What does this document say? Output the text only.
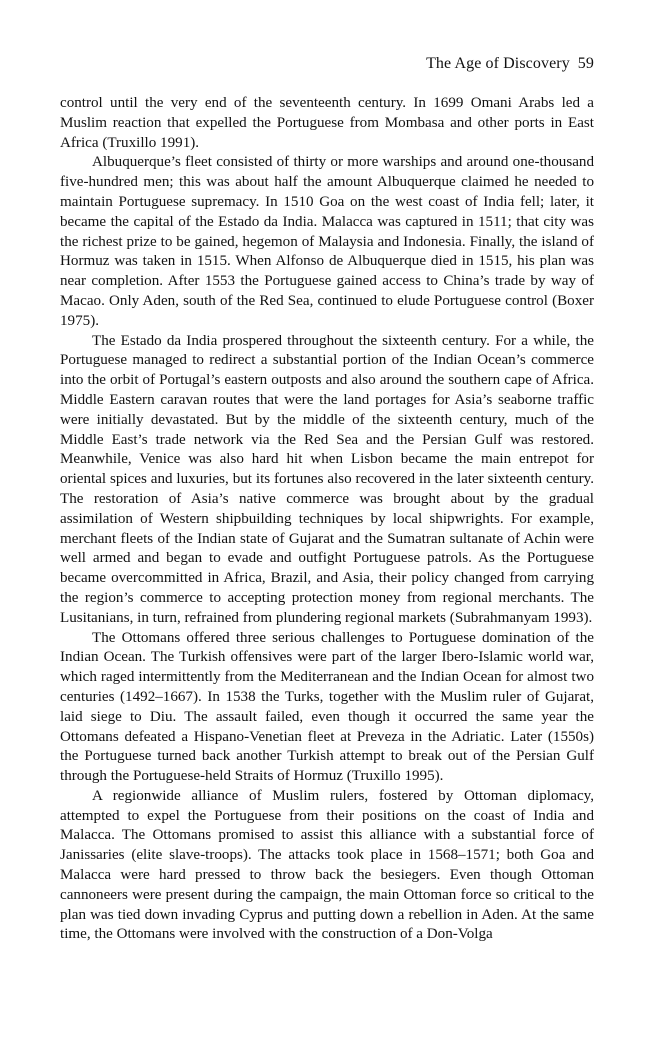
The Age of Discovery 59

control until the very end of the seventeenth century. In 1699 Omani Arabs led a Muslim reaction that expelled the Portuguese from Mombasa and other ports in East Africa (Truxillo 1991).

Albuquerque’s fleet consisted of thirty or more warships and around one-thousand five-hundred men; this was about half the amount Albuquerque claimed he needed to maintain Portuguese supremacy. In 1510 Goa on the west coast of India fell; later, it became the capital of the Estado da India. Malacca was captured in 1511; that city was the richest prize to be gained, hegemon of Malaysia and Indonesia. Finally, the island of Hormuz was taken in 1515. When Alfonso de Albuquerque died in 1515, his plan was near completion. After 1553 the Portuguese gained access to China’s trade by way of Macao. Only Aden, south of the Red Sea, continued to elude Portuguese control (Boxer 1975).

The Estado da India prospered throughout the sixteenth century. For a while, the Portuguese managed to redirect a substantial portion of the Indian Ocean’s commerce into the orbit of Portugal’s eastern outposts and also around the southern cape of Africa. Middle Eastern caravan routes that were the land portages for Asia’s seaborne traffic were initially devastated. But by the middle of the sixteenth century, much of the Middle East’s trade network via the Red Sea and the Persian Gulf was restored. Meanwhile, Venice was also hard hit when Lisbon became the main entrepot for oriental spices and luxuries, but its fortunes also recovered in the later sixteenth century. The restoration of Asia’s native commerce was brought about by the gradual assimilation of Western shipbuilding techniques by local shipwrights. For example, merchant fleets of the Indian state of Gujarat and the Sumatran sultanate of Achin were well armed and began to evade and outfight Portuguese patrols. As the Portuguese became overcommitted in Africa, Brazil, and Asia, their policy changed from carrying the region’s commerce to accepting protection money from regional merchants. The Lusitanians, in turn, refrained from plundering regional markets (Subrahmanyam 1993).

The Ottomans offered three serious challenges to Portuguese domination of the Indian Ocean. The Turkish offensives were part of the larger Ibero-Islamic world war, which raged intermittently from the Mediterranean and the Indian Ocean for almost two centuries (1492–1667). In 1538 the Turks, together with the Muslim ruler of Gujarat, laid siege to Diu. The assault failed, even though it occurred the same year the Ottomans defeated a Hispano-Venetian fleet at Preveza in the Adriatic. Later (1550s) the Portuguese turned back another Turkish attempt to break out of the Persian Gulf through the Portuguese-held Straits of Hormuz (Truxillo 1995).

A regionwide alliance of Muslim rulers, fostered by Ottoman diplomacy, attempted to expel the Portuguese from their positions on the coast of India and Malacca. The Ottomans promised to assist this alliance with a substantial force of Janissaries (elite slave-troops). The attacks took place in 1568–1571; both Goa and Malacca were hard pressed to throw back the besiegers. Even though Ottoman cannoneers were present during the campaign, the main Ottoman force so critical to the plan was tied down invading Cyprus and putting down a rebellion in Aden. At the same time, the Ottomans were involved with the construction of a Don-Volga
